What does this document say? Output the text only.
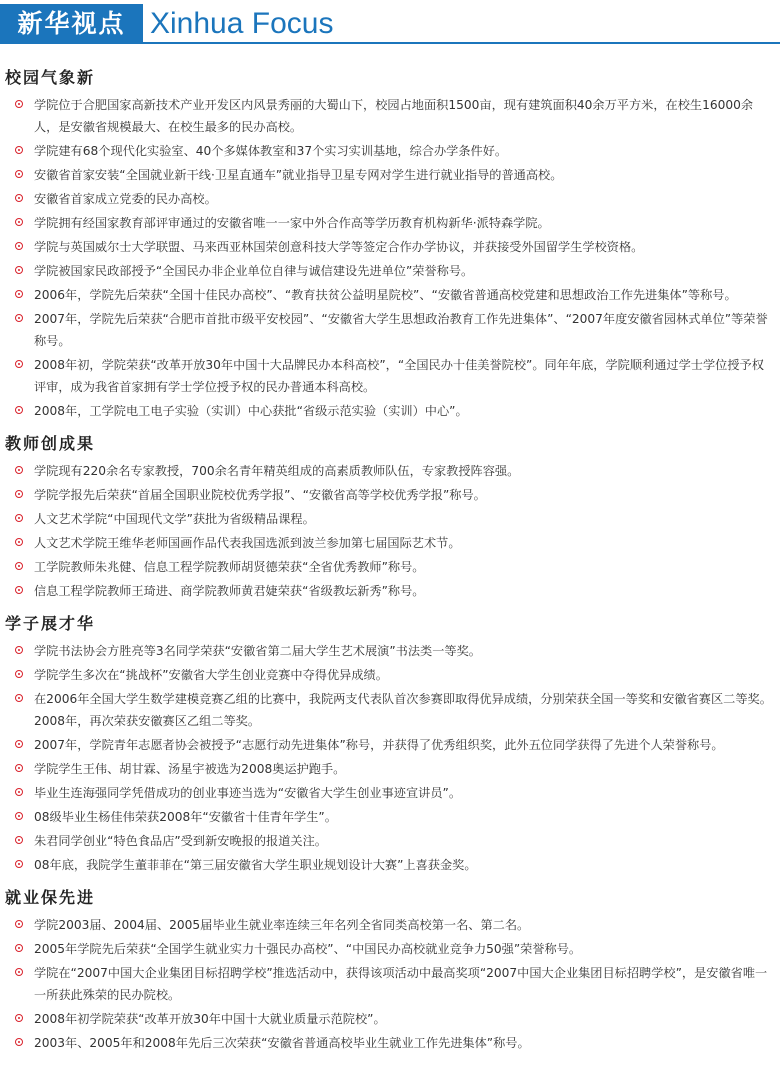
新华视点 Xinhua Focus
校园气象新
学院位于合肥国家高新技术产业开发区内风景秀丽的大蜀山下，校园占地面积1500亩，现有建筑面积40余万平方米，在校生16000余人，是安徽省规模最大、在校生最多的民办高校。
学院建有68个现代化实验室、40个多媒体教室和37个实习实训基地，综合办学条件好。
安徽省首家安装“全国就业新干线·卫星直通车”就业指导卫星专网对学生进行就业指导的普通高校。
安徽省首家成立党委的民办高校。
学院拥有经国家教育部评审通过的安徽省唯一一家中外合作高等学历教育机构新华·派特森学院。
学院与英国威尔士大学联盟、马来西亚林国荣创意科技大学等签定合作办学协议，并获接受外国留学生学校资格。
学院被国家民政部授予“全国民办非企业单位自律与诚信建设先进单位”荣誉称号。
2006年，学院先后荣获“全国十佳民办高校”、“教育扶贫公益明星院校”、“安徽省普通高校党建和思想政治工作先进集体”等称号。
2007年，学院先后荣获“合肥市首批市级平安校园”、“安徽省大学生思想政治教育工作先进集体”、“2007年度安徽省园林式单位”等荣誉称号。
2008年初，学院荣获“改革开放30年中国十大品牌民办本科高校”，“全国民办十佳美誉院校”。同年年底，学院顺利通过学士学位授予权评审，成为我省首家拥有学士学位授予权的民办普通本科高校。
2008年，工学院电工电子实验（实训）中心获批“省级示范实验（实训）中心”。
教师创成果
学院现有220余名专家教授，700余名青年精英组成的高素质教师队伍，专家教授阵容强。
学院学报先后荣获“首届全国职业院校优秀学报”、“安徽省高等学校优秀学报”称号。
人文艺术学院“中国现代文学”获批为省级精品课程。
人文艺术学院王维华老师国画作品代表我国选派到波兰参加第七届国际艺术节。
工学院教师朱兆健、信息工程学院教师胡贤德荣获“全省优秀教师”称号。
信息工程学院教师王琦进、商学院教师黄君婕荣获“省级教坛新秀”称号。
学子展才华
学院书法协会方胜亮等3名同学荣获“安徽省第二届大学生艺术展演”书法类一等奖。
学院学生多次在“挑战杯”安徽省大学生创业竞赛中夺得优异成绩。
在2006年全国大学生数学建模竞赛乙组的比赛中，我院两支代表队首次参赛即取得优异成绩，分别荣获全国一等奖和安徽省赛区二等奖。2008年，再次荣获安徽赛区乙组二等奖。
2007年，学院青年志愿者协会被授予“志愿行动先进集体”称号，并获得了优秀组织奖，此外五位同学获得了先进个人荣誉称号。
学院学生王伟、胡甘霖、汤星宇被选为2008奥运护跑手。
毕业生连海强同学凭借成功的创业事迹当选为“安徽省大学生创业事迹宣讲员”。
08级毕业生杨佳伟荣获2008年“安徽省十佳青年学生”。
朱君同学创业“特色食品店”受到新安晚报的报道关注。
08年底，我院学生董菲菲在“第三届安徽省大学生职业规划设计大赛”上喜获金奖。
就业保先进
学院2003届、2004届、2005届毕业生就业率连续三年名列全省同类高校第一名、第二名。
2005年学院先后荣获“全国学生就业实力十强民办高校”、“中国民办高校就业竞争力50强”荣誉称号。
学院在“2007中国大企业集团目标招聘学校”推选活动中，获得该项活动中最高奖项“2007中国大企业集团目标招聘学校”，是安徽省唯一一所获此殊荣的民办院校。
2008年初学院荣获“改革开放30年中国十大就业质量示范院校”。
2003年、2005年和2008年先后三次荣获“安徽省普通高校毕业生就业工作先进集体”称号。
